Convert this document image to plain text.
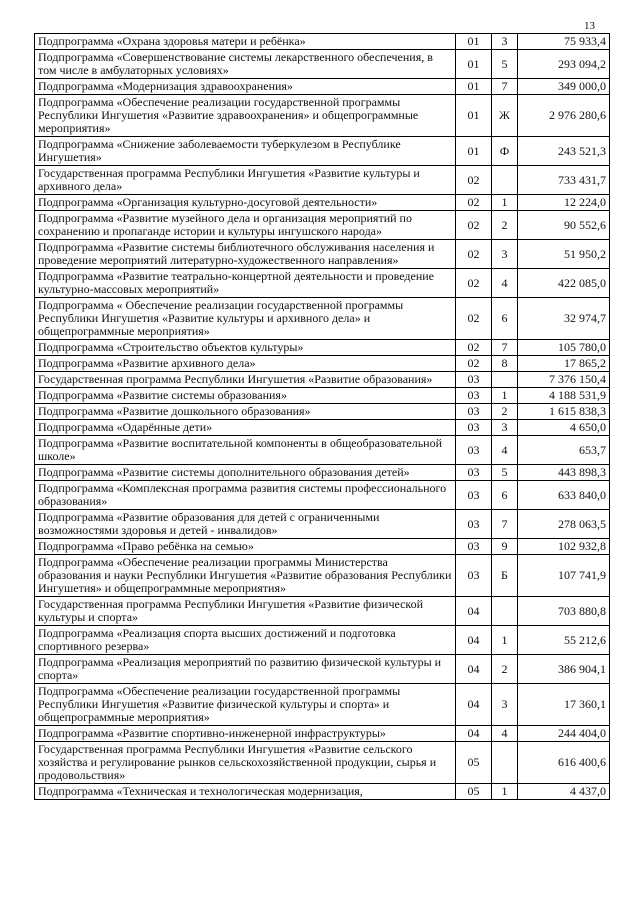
13
Подпрограмма «Охрана здоровья матери и ребёнка»	01	3	75 933,4
Подпрограмма «Совершенствование системы лекарственного обеспечения, в том числе в амбулаторных условиях»	01	5	293 094,2
Подпрограмма «Модернизация здравоохранения»	01	7	349 000,0
Подпрограмма «Обеспечение реализации государственной программы Республики Ингушетия «Развитие здравоохранения» и общепрограммные мероприятия»	01	Ж	2 976 280,6
Подпрограмма «Снижение заболеваемости туберкулезом в Республике Ингушетия»	01	Ф	243 521,3
Государственная программа Республики Ингушетия «Развитие культуры и архивного дела»	02		733 431,7
Подпрограмма «Организация культурно-досуговой деятельности»	02	1	12 224,0
Подпрограмма «Развитие музейного дела и организация мероприятий по сохранению и пропаганде истории и культуры ингушского народа»	02	2	90 552,6
Подпрограмма «Развитие системы библиотечного обслуживания населения и проведение мероприятий литературно-художественного направления»	02	3	51 950,2
Подпрограмма «Развитие театрально-концертной деятельности и проведение культурно-массовых мероприятий»	02	4	422 085,0
Подпрограмма « Обеспечение реализации государственной программы Республики Ингушетия «Развитие культуры и архивного дела» и общепрограммные мероприятия»	02	6	32 974,7
Подпрограмма «Строительство объектов культуры»	02	7	105 780,0
Подпрограмма «Развитие архивного дела»	02	8	17 865,2
Государственная программа Республики Ингушетия «Развитие образования»	03		7 376 150,4
Подпрограмма «Развитие системы образования»	03	1	4 188 531,9
Подпрограмма «Развитие дошкольного образования»	03	2	1 615 838,3
Подпрограмма «Одарённые дети»	03	3	4 650,0
Подпрограмма «Развитие воспитательной компоненты в общеобразовательной школе»	03	4	653,7
Подпрограмма «Развитие системы дополнительного образования детей»	03	5	443 898,3
Подпрограмма «Комплексная программа развития системы профессионального образования»	03	6	633 840,0
Подпрограмма «Развитие образования для детей с ограниченными возможностями здоровья и детей - инвалидов»	03	7	278 063,5
Подпрограмма «Право ребёнка на семью»	03	9	102 932,8
Подпрограмма «Обеспечение реализации программы Министерства образования и науки Республики Ингушетия «Развитие образования Республики Ингушетия» и общепрограммные мероприятия»	03	Б	107 741,9
Государственная программа Республики Ингушетия «Развитие физической культуры и спорта»	04		703 880,8
Подпрограмма «Реализация спорта высших достижений и подготовка спортивного резерва»	04	1	55 212,6
Подпрограмма «Реализация мероприятий по развитию физической культуры и спорта»	04	2	386 904,1
Подпрограмма «Обеспечение реализации государственной программы Республики Ингушетия «Развитие физической культуры и спорта» и общепрограммные мероприятия»	04	3	17 360,1
Подпрограмма «Развитие спортивно-инженерной инфраструктуры»	04	4	244 404,0
Государственная программа Республики Ингушетия «Развитие сельского хозяйства и регулирование рынков сельскохозяйственной продукции, сырья и продовольствия»	05		616 400,6
Подпрограмма «Техническая и технологическая модернизация,	05	1	4 437,0
